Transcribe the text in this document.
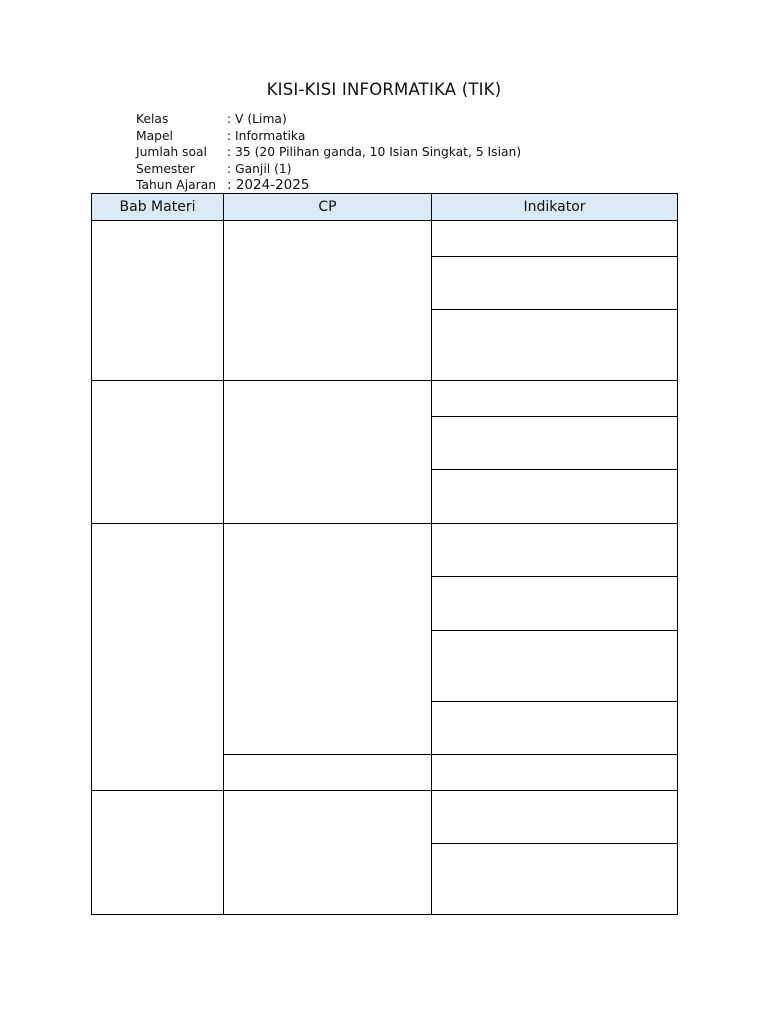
KISI-KISI INFORMATIKA (TIK)
Kelas	: V (Lima)
Mapel	: Informatika
Jumlah soal	: 35 (20 Pilihan ganda, 10 Isian Singkat, 5 Isian)
Semester	: Ganjil (1)
Tahun Ajaran : 2024-2025
Bab Materi	CP	Indikator
